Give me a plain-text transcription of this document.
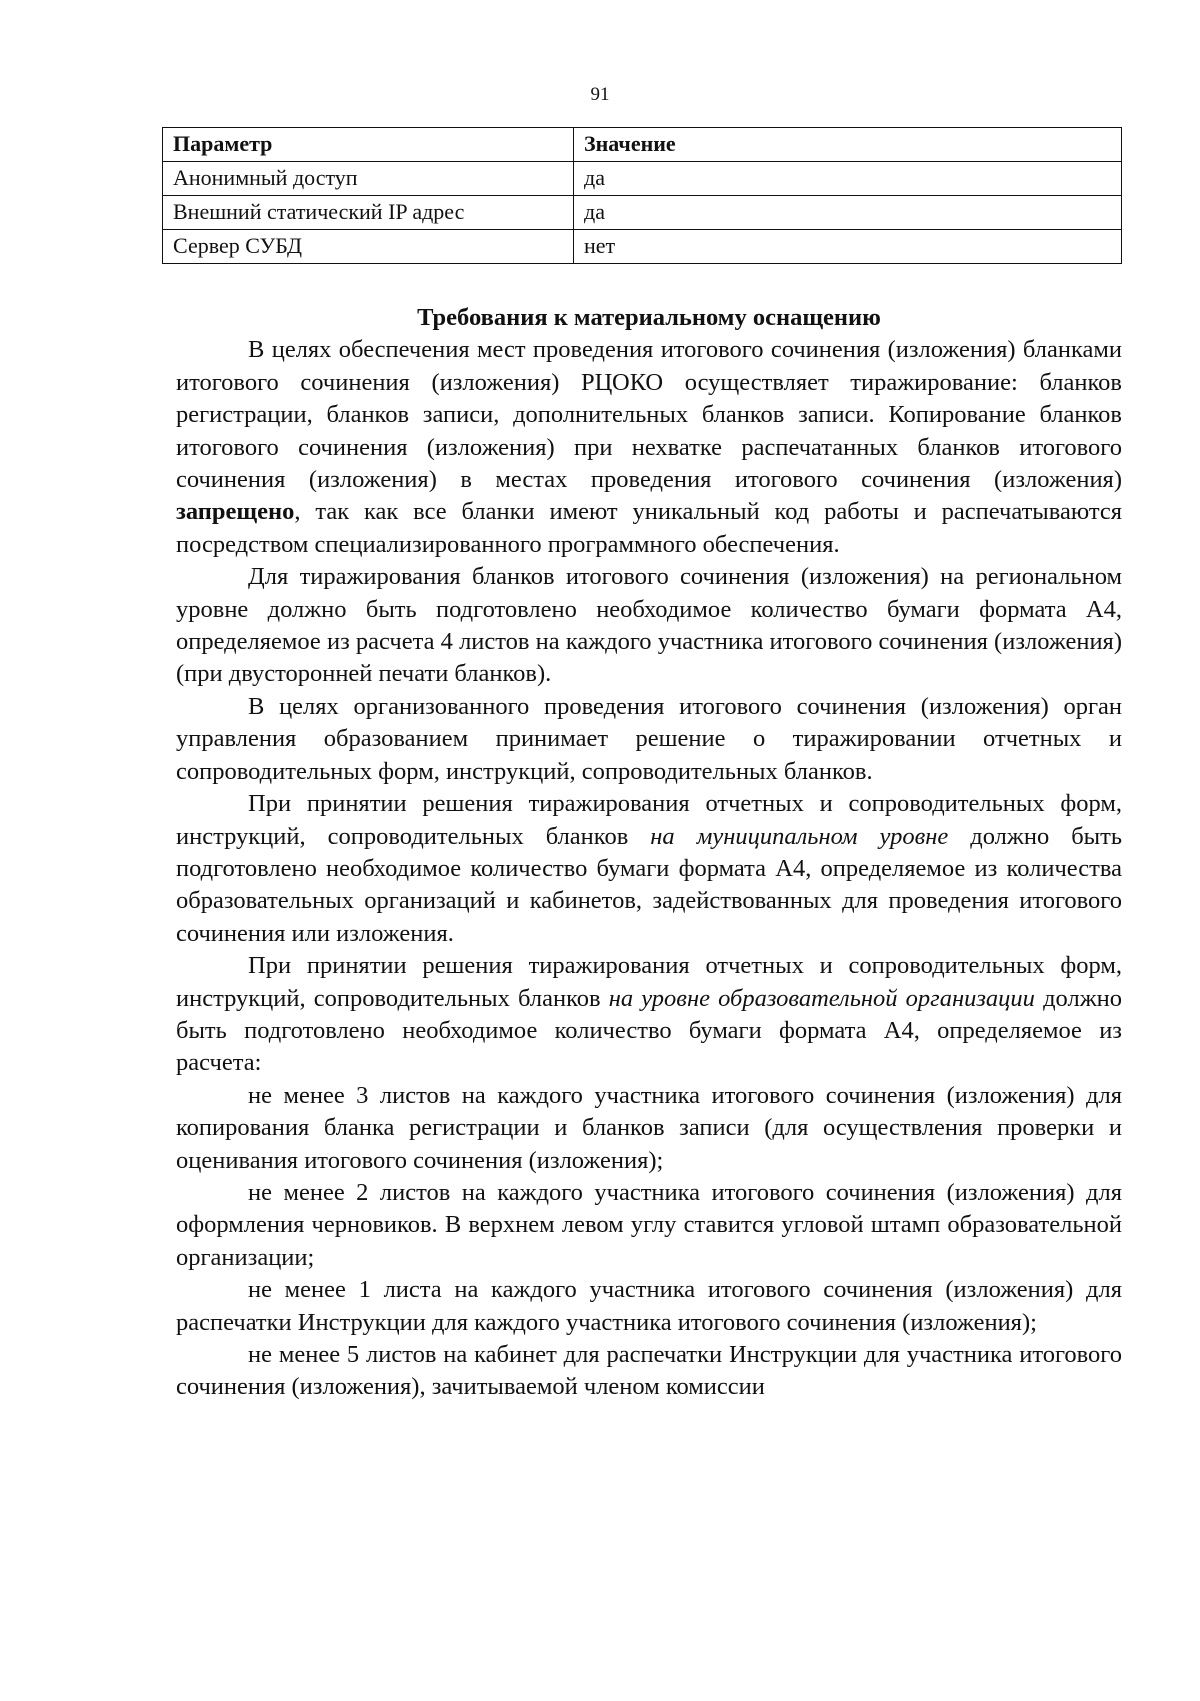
91
Параметр	Значение
Анонимный доступ	да
Внешний статический IP адрес	да
Сервер СУБД	нет
Требования к материальному оснащению

В целях обеспечения мест проведения итогового сочинения (изложения) бланками итогового сочинения (изложения) РЦОКО осуществляет тиражирование: бланков регистрации, бланков записи, дополнительных бланков записи. Копирование бланков итогового сочинения (изложения) при нехватке распечатанных бланков итогового сочинения (изложения) в местах проведения итогового сочинения (изложения) запрещено, так как все бланки имеют уникальный код работы и распечатываются посредством специализированного программного обеспечения.

Для тиражирования бланков итогового сочинения (изложения) на региональном уровне должно быть подготовлено необходимое количество бумаги формата А4, определяемое из расчета 4 листов на каждого участника итогового сочинения (изложения) (при двусторонней печати бланков).

В целях организованного проведения итогового сочинения (изложения) орган управления образованием принимает решение о тиражировании отчетных и сопроводительных форм, инструкций, сопроводительных бланков.

При принятии решения тиражирования отчетных и сопроводительных форм, инструкций, сопроводительных бланков на муниципальном уровне должно быть подготовлено необходимое количество бумаги формата А4, определяемое из количества образовательных организаций и кабинетов, задействованных для проведения итогового сочинения или изложения.

При принятии решения тиражирования отчетных и сопроводительных форм, инструкций, сопроводительных бланков на уровне образовательной организации должно быть подготовлено необходимое количество бумаги формата А4, определяемое из расчета:

не менее 3 листов на каждого участника итогового сочинения (изложения) для копирования бланка регистрации и бланков записи (для осуществления проверки и оценивания итогового сочинения (изложения);

не менее 2 листов на каждого участника итогового сочинения (изложения) для оформления черновиков. В верхнем левом углу ставится угловой штамп образовательной организации;

не менее 1 листа на каждого участника итогового сочинения (изложения) для распечатки Инструкции для каждого участника итогового сочинения (изложения);

не менее 5 листов на кабинет для распечатки Инструкции для участника итогового сочинения (изложения), зачитываемой членом комиссии
